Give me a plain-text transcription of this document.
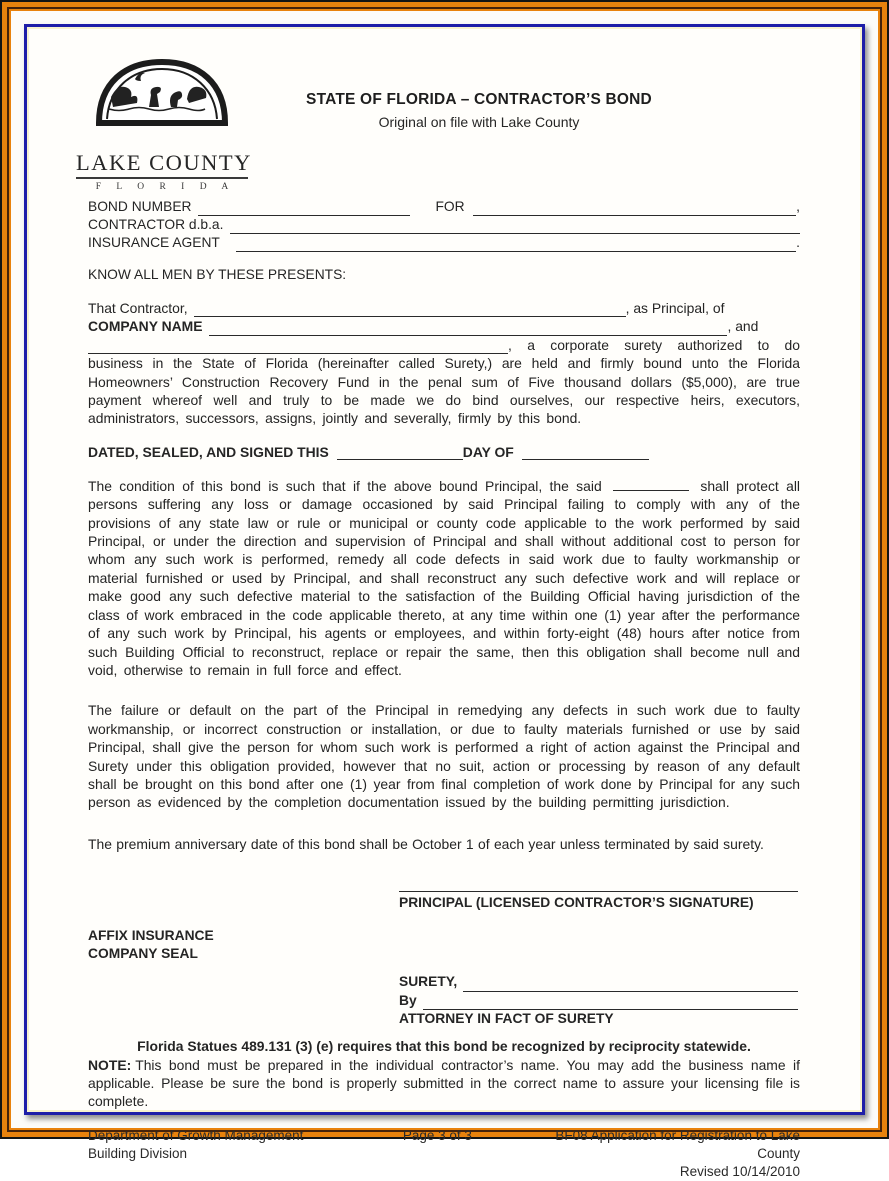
LAKE COUNTY
F L O R I D A
STATE OF FLORIDA – CONTRACTOR’S BOND
Original on file with Lake County
BOND NUMBER	FOR	,
CONTRACTOR d.b.a.
INSURANCE AGENT	.
KNOW ALL MEN BY THESE PRESENTS:
That Contractor,	, as Principal, of
COMPANY NAME	, and
, a corporate surety authorized to do

business in the State of Florida (hereinafter called Surety,) are held and firmly bound unto the Florida Homeowners’ Construction Recovery Fund in the penal sum of Five thousand dollars ($5,000), are true payment whereof well and truly to be made we do bind ourselves, our respective heirs, executors, administrators, successors, assigns, jointly and severally, firmly by this bond.

DATED, SEALED, AND SIGNED THIS	DAY OF

The condition of this bond is such that if the above bound Principal, the said	shall protect all persons suffering any loss or damage occasioned by said Principal failing to comply with any of the provisions of any state law or rule or municipal or county code applicable to the work performed by said Principal, or under the direction and supervision of Principal and shall without additional cost to person for whom any such work is performed, remedy all code defects in said work due to faulty workmanship or material furnished or used by Principal, and shall reconstruct any such defective work and will replace or make good any such defective material to the satisfaction of the Building Official having jurisdiction of the class of work embraced in the code applicable thereto, at any time within one (1) year after the performance of any such work by Principal, his agents or employees, and within forty-eight (48) hours after notice from such Building Official to reconstruct, replace or repair the same, then this obligation shall become null and void, otherwise to remain in full force and effect.

The failure or default on the part of the Principal in remedying any defects in such work due to faulty workmanship, or incorrect construction or installation, or due to faulty materials furnished or use by said Principal, shall give the person for whom such work is performed a right of action against the Principal and Surety under this obligation provided, however that no suit, action or processing by reason of any default shall be brought on this bond after one (1) year from final completion of work done by Principal for any such person as evidenced by the completion documentation issued by the building permitting jurisdiction.

The premium anniversary date of this bond shall be October 1 of each year unless terminated by said surety.

PRINCIPAL (LICENSED CONTRACTOR’S SIGNATURE)
AFFIX INSURANCE
COMPANY SEAL
SURETY,
By
ATTORNEY IN FACT OF SURETY
Florida Statues 489.131 (3) (e) requires that this bond be recognized by reciprocity statewide.

NOTE: This bond must be prepared in the individual contractor’s name. You may add the business name if applicable. Please be sure the bond is properly submitted in the correct name to assure your licensing file is complete.

Department of Growth Management
Building Division
Page 3 of 3	BF08 Application for Registration to Lake County
Revised 10/14/2010
